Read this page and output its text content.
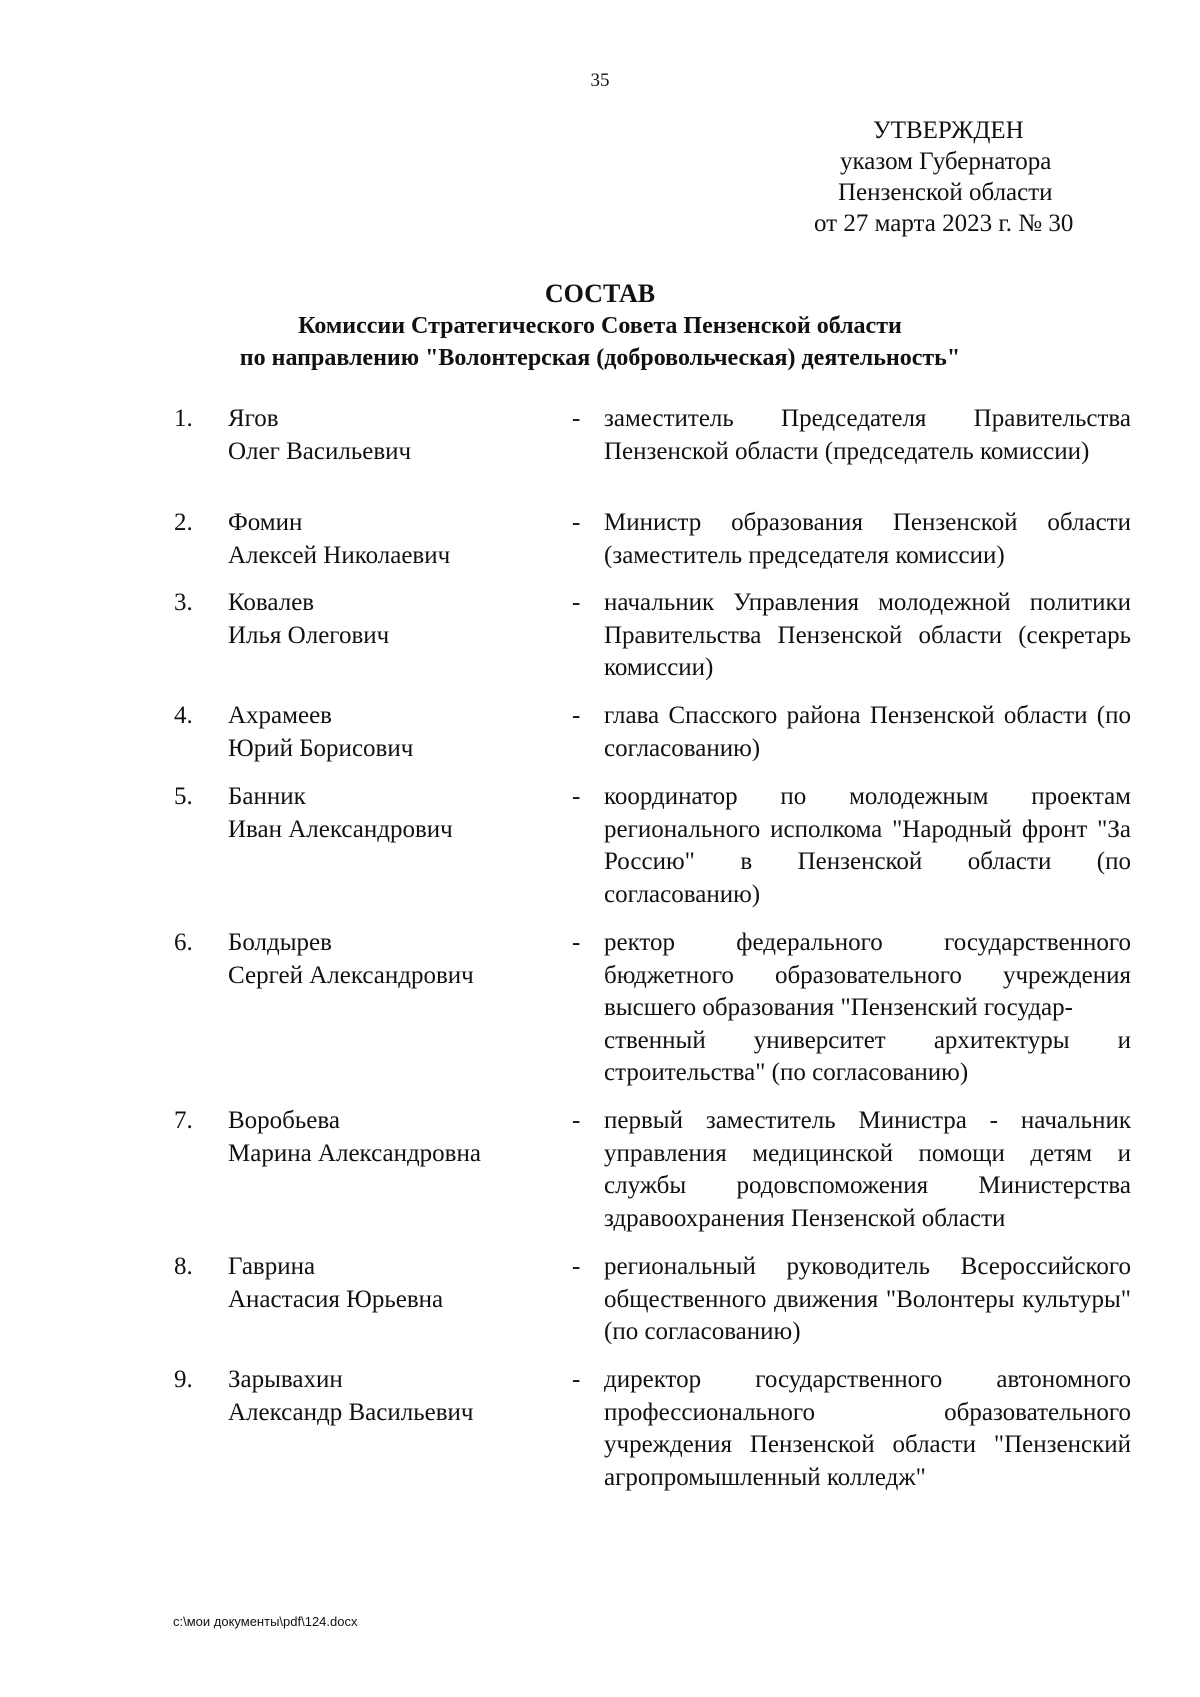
35
УТВЕРЖДЕН
указом Губернатора
Пензенской области
от 27 марта 2023 г. № 30
СОСТАВ
Комиссии Стратегического Совета Пензенской области
по направлению "Волонтерская (добровольческая) деятельность"
1. Ягов
Олег Васильевич
- заместитель Председателя Правительства Пензенской области (председатель комиссии)
2. Фомин
Алексей Николаевич
- Министр образования Пензенской области (заместитель председателя комиссии)
3. Ковалев
Илья Олегович
- начальник Управления молодежной политики Правительства Пензенской области (секретарь комиссии)
4. Ахрамеев
Юрий Борисович
- глава Спасского района Пензенской области (по согласованию)
5. Банник
Иван Александрович
- координатор по молодежным проектам регионального исполкома "Народный фронт "За Россию" в Пензенской области (по согласованию)
6. Болдырев
Сергей Александрович
- ректор федерального государственного бюджетного образовательного учреждения высшего образования "Пензенский государ-
ственный университет архитектуры и строительства" (по согласованию)
7. Воробьева
Марина Александровна
- первый заместитель Министра - начальник управления медицинской помощи детям и службы родовспоможения Министерства здравоохранения Пензенской области
8. Гаврина
Анастасия Юрьевна
- региональный руководитель Всероссийского общественного движения "Волонтеры культуры" (по согласованию)
9. Зарывахин
Александр Васильевич
- директор государственного автономного профессионального образовательного учреждения Пензенской области "Пензенский агропромышленный колледж"
c:\мои документы\pdf\124.docx
